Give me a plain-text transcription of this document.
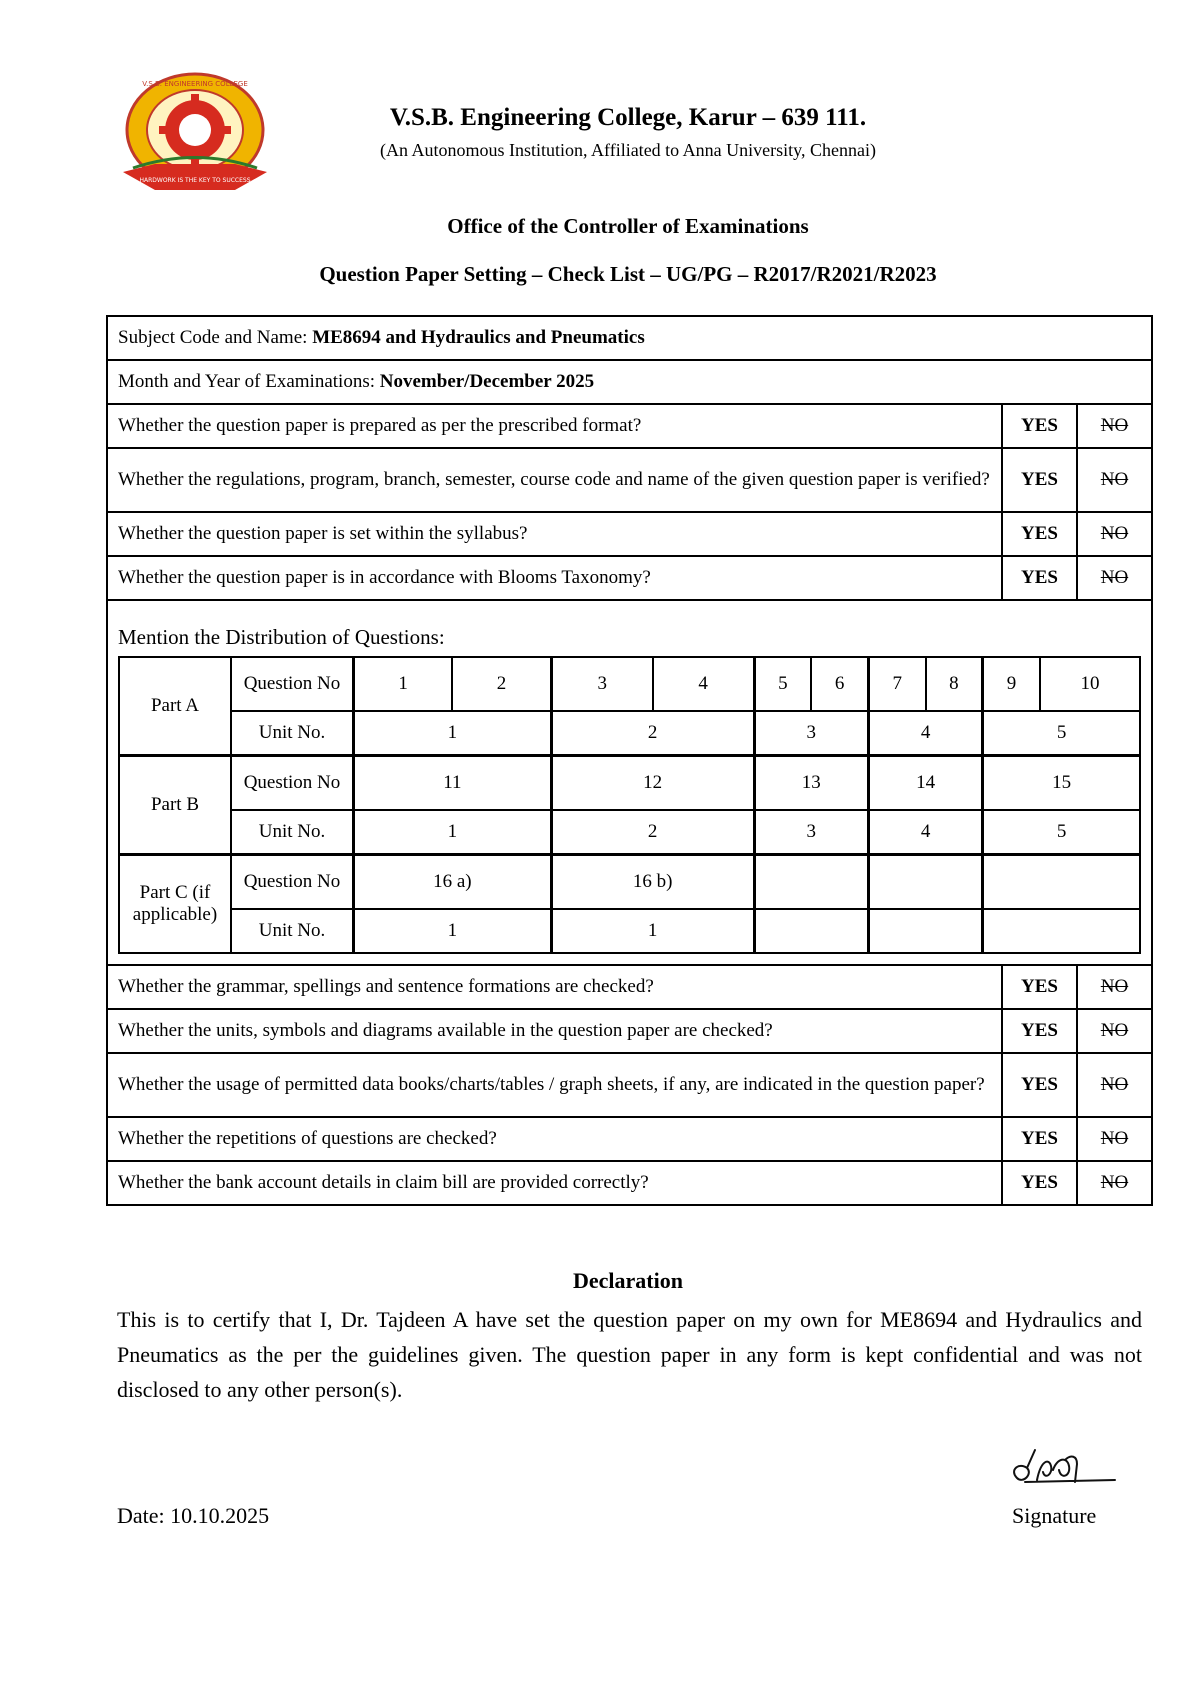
HARDWORK IS THE KEY TO SUCCESS
V.S.B. ENGINEERING COLLEGE
V.S.B. Engineering College, Karur – 639 111.
(An Autonomous Institution, Affiliated to Anna University, Chennai)
Office of the Controller of Examinations
Question Paper Setting – Check List – UG/PG – R2017/R2021/R2023
Subject Code and Name: ME8694 and Hydraulics and Pneumatics
Month and Year of Examinations: November/December 2025
Whether the question paper is prepared as per the prescribed format?	YES	NO
Whether the regulations, program, branch, semester, course code and name of the given question paper is verified?	YES	NO
Whether the question paper is set within the syllabus?	YES	NO
Whether the question paper is in accordance with Blooms Taxonomy?	YES	NO

Mention the Distribution of Questions:
Part A	Question No	1	2	3	4	5	6	7	8	9	10
Unit No.	1	2	3	4	5
Part B	Question No	11	12	13	14	15
Unit No.	1	2	3	4	5
Part C (if applicable)	Question No	16 a)	16 b)			
Unit No.	1	1			

Whether the grammar, spellings and sentence formations are checked?	YES	NO
Whether the units, symbols and diagrams available in the question paper are checked?	YES	NO
Whether the usage of permitted data books/charts/tables / graph sheets, if any, are indicated in the question paper?	YES	NO
Whether the repetitions of questions are checked?	YES	NO
Whether the bank account details in claim bill are provided correctly?	YES	NO
Declaration
This is to certify that I, Dr. Tajdeen A have set the question paper on my own for ME8694 and Hydraulics and Pneumatics as the per the guidelines given. The question paper in any form is kept confidential and was not disclosed to any other person(s).
Date: 10.10.2025	Signature
